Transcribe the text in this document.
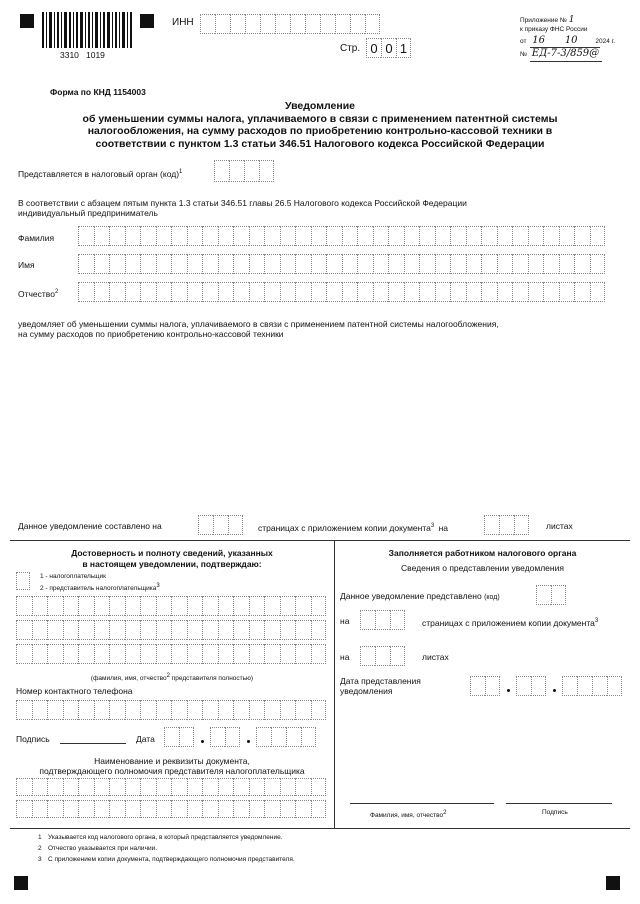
3310   1019
ИНН
Стр. 0 0 1
Приложение № 1
к приказу ФНС России
от 16 10	2024 г.
№ ЕД-7-3/859@
Форма по КНД 1154003
Уведомление
об уменьшении суммы налога, уплачиваемого в связи с применением патентной системы
налогообложения, на сумму расходов по приобретению контрольно-кассовой техники в
соответствии с пунктом 1.3 статьи 346.51 Налогового кодекса Российской Федерации
Представляется в налоговый орган (код)$^1$
В соответствии с абзацем пятым пункта 1.3 статьи 346.51 главы 26.5 Налогового кодекса Российской Федерации
индивидуальный предприниматель
Фамилия
Имя
Отчество$^2$
уведомляет об уменьшении суммы налога, уплачиваемого в связи с применением патентной системы налогообложения,
на сумму расходов по приобретению контрольно-кассовой техники
Данное уведомление составлено на	страницах с приложением копии документа$^3$ на	листах
Достоверность и полноту сведений, указанных
в настоящем уведомлении, подтверждаю:
1 - налогоплательщик
2 - представитель налогоплательщика$^3$
(фамилия, имя, отчество$^2$ представителя полностью)
Номер контактного телефона
Подпись	Дата
Наименование и реквизиты документа,
подтверждающего полномочия представителя налогоплательщика
Заполняется работником налогового органа
Сведения о представлении уведомления
Данное уведомление представлено (код)
на	страницах с приложением копии документа$^3$
на	листах
Дата представления
уведомления
Фамилия, имя, отчество$^2$	Подпись
1 Указывается код налогового органа, в который представляется уведомление.
2 Отчество указывается при наличии.
3 С приложением копии документа, подтверждающего полномочия представителя.
